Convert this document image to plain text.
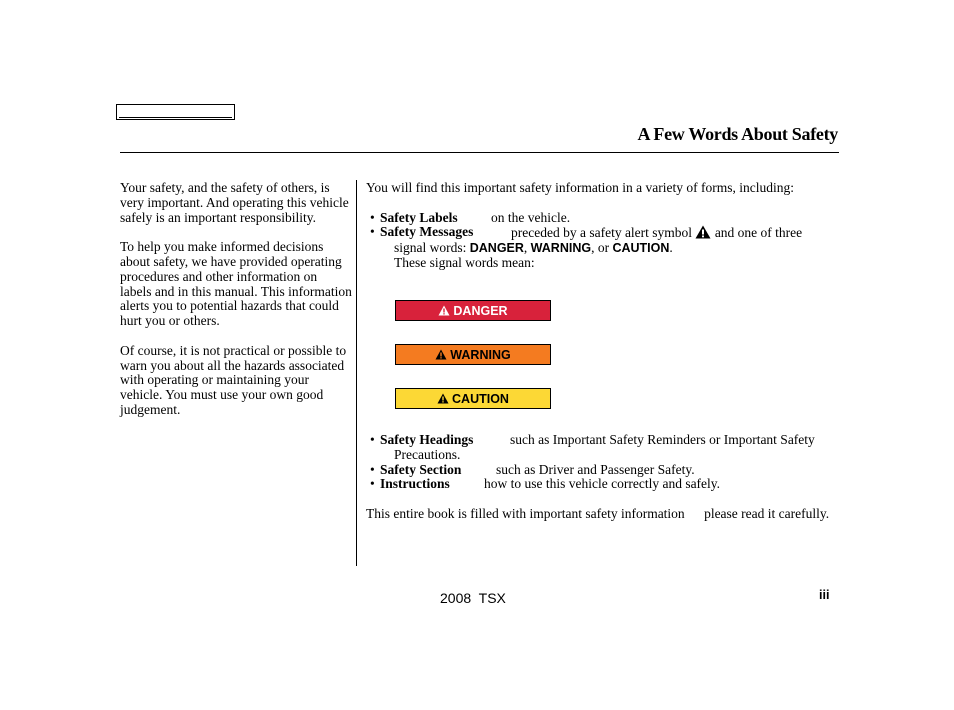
A Few Words About Safety

Your safety, and the safety of others, is very important. And operating this vehicle safely is an important responsibility.

To help you make informed decisions about safety, we have provided operating procedures and other information on labels and in this manual. This information alerts you to potential hazards that could hurt you or others.

Of course, it is not practical or possible to warn you about all the hazards associated with operating or maintaining your vehicle. You must use your own good judgement.

You will find this important safety information in a variety of forms, including:

• Safety Labels on the vehicle.
• Safety Messages	preceded by a safety alert symbol and one of three signal words: DANGER, WARNING, or CAUTION.
These signal words mean:
DANGER
WARNING
CAUTION
• Safety Headings	such as Important Safety Reminders or Important Safety Precautions.
• Safety Section	such as Driver and Passenger Safety.
• Instructions	how to use this vehicle correctly and safely.

This entire book is filled with important safety information please read it carefully.

2008  TSX	iii
